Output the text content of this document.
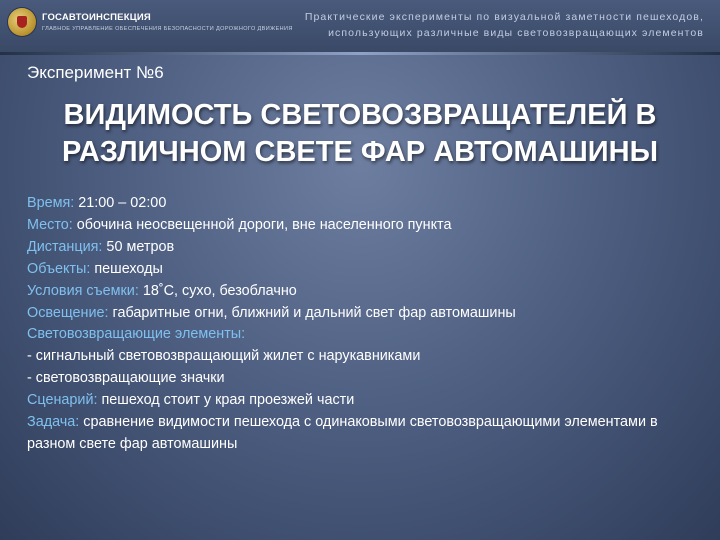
ГОСАВТОИНСПЕКЦИЯ
ГЛАВНОЕ УПРАВЛЕНИЕ ОБЕСПЕЧЕНИЯ БЕЗОПАСНОСТИ ДОРОЖНОГО ДВИЖЕНИЯ
Практические эксперименты по визуальной заметности пешеходов,
использующих различные виды световозвращающих элементов
Эксперимент №6
ВИДИМОСТЬ СВЕТОВОЗВРАЩАТЕЛЕЙ В
РАЗЛИЧНОМ СВЕТЕ ФАР АВТОМАШИНЫ
Время: 21:00 – 02:00
Место: обочина неосвещенной дороги, вне населенного пункта
Дистанция: 50 метров
Объекты: пешеходы
Условия съемки: 18˚С, сухо, безоблачно
Освещение: габаритные огни, ближний и дальний свет фар автомашины
Световозвращающие элементы:
- сигнальный световозвращающий жилет с нарукавниками
- световозвращающие значки
Сценарий: пешеход стоит у края проезжей части
Задача: сравнение видимости пешехода с одинаковыми световозвращающими элементами в разном свете фар автомашины
